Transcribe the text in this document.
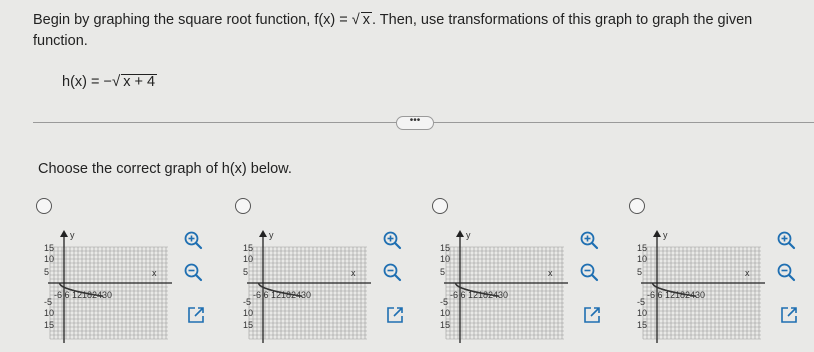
Begin by graphing the square root function, f(x) = √ x . Then, use transformations of this graph to graph the given function.
h(x) = −√ x + 4
•••
Choose the correct graph of h(x) below.
y
x
15
10
5
-5
10
15
-6 6 12182430
y
x
15
10
5
-5
10
15
-6 6 12182430
y
x
15
10
5
-5
10
15
-6 6 12182430
y
x
15
10
5
-5
10
15
-6 6 12182430
